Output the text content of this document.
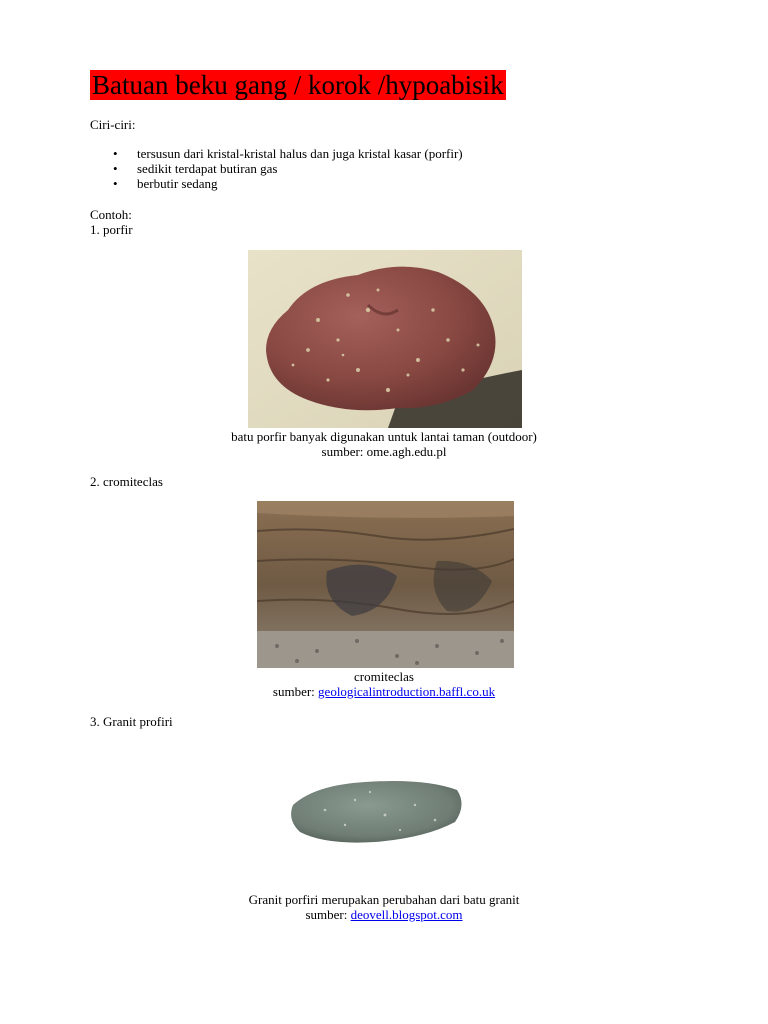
Batuan beku gang / korok /hypoabisik
Ciri-ciri:
• tersusun dari kristal-kristal halus dan juga kristal kasar (porfir)
• sedikit terdapat butiran gas
• berbutir sedang
Contoh:
1. porfir
batu porfir banyak digunakan untuk lantai taman (outdoor)
sumber: ome.agh.edu.pl
2. cromiteclas
cromiteclas
sumber: geologicalintroduction.baffl.co.uk
3. Granit profiri
Granit porfiri merupakan perubahan dari batu granit
sumber: deovell.blogspot.com
